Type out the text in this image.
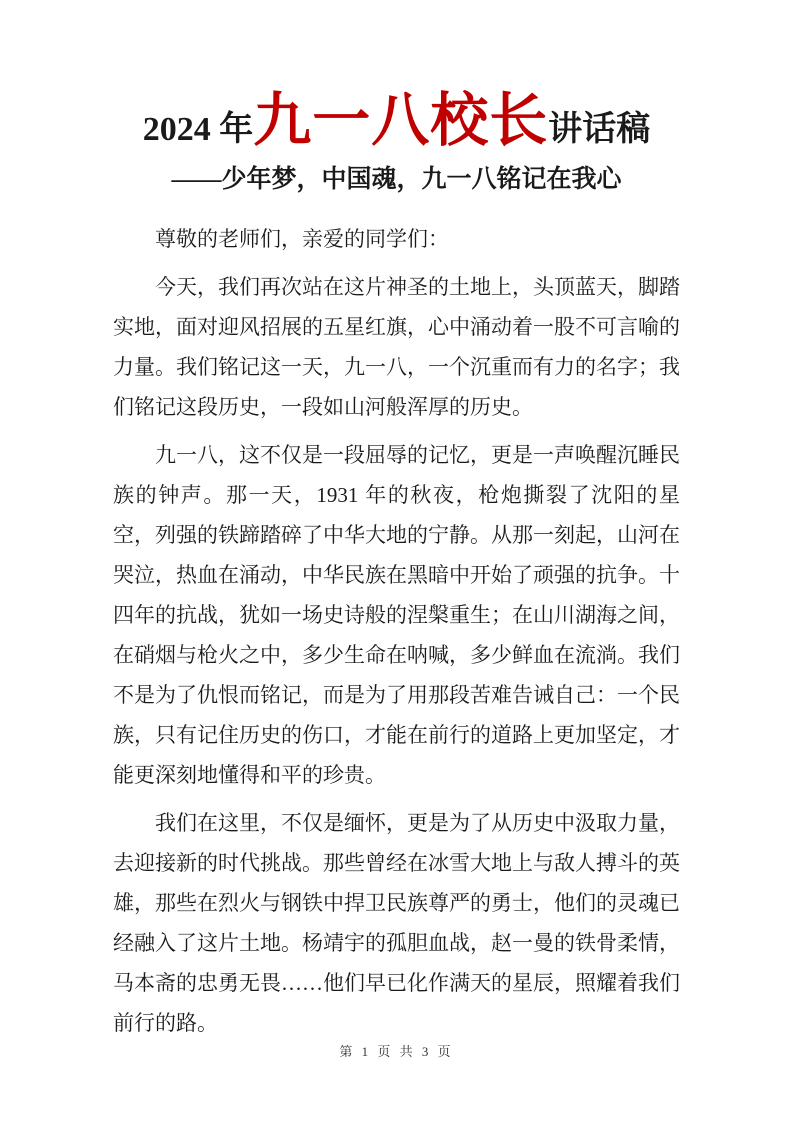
2024 年九一八校长讲话稿
——少年梦，中国魂，九一八铭记在我心

尊敬的老师们，亲爱的同学们：

今天，我们再次站在这片神圣的土地上，头顶蓝天，脚踏实地，面对迎风招展的五星红旗，心中涌动着一股不可言喻的力量。我们铭记这一天，九一八，一个沉重而有力的名字；我们铭记这段历史，一段如山河般浑厚的历史。

九一八，这不仅是一段屈辱的记忆，更是一声唤醒沉睡民族的钟声。那一天，1931 年的秋夜，枪炮撕裂了沈阳的星空，列强的铁蹄踏碎了中华大地的宁静。从那一刻起，山河在哭泣，热血在涌动，中华民族在黑暗中开始了顽强的抗争。十四年的抗战，犹如一场史诗般的涅槃重生；在山川湖海之间，在硝烟与枪火之中，多少生命在呐喊，多少鲜血在流淌。我们不是为了仇恨而铭记，而是为了用那段苦难告诫自己：一个民族，只有记住历史的伤口，才能在前行的道路上更加坚定，才能更深刻地懂得和平的珍贵。

我们在这里，不仅是缅怀，更是为了从历史中汲取力量，去迎接新的时代挑战。那些曾经在冰雪大地上与敌人搏斗的英雄，那些在烈火与钢铁中捍卫民族尊严的勇士，他们的灵魂已经融入了这片土地。杨靖宇的孤胆血战，赵一曼的铁骨柔情，马本斋的忠勇无畏……他们早已化作满天的星辰，照耀着我们前行的路。

第 1 页 共 3 页
